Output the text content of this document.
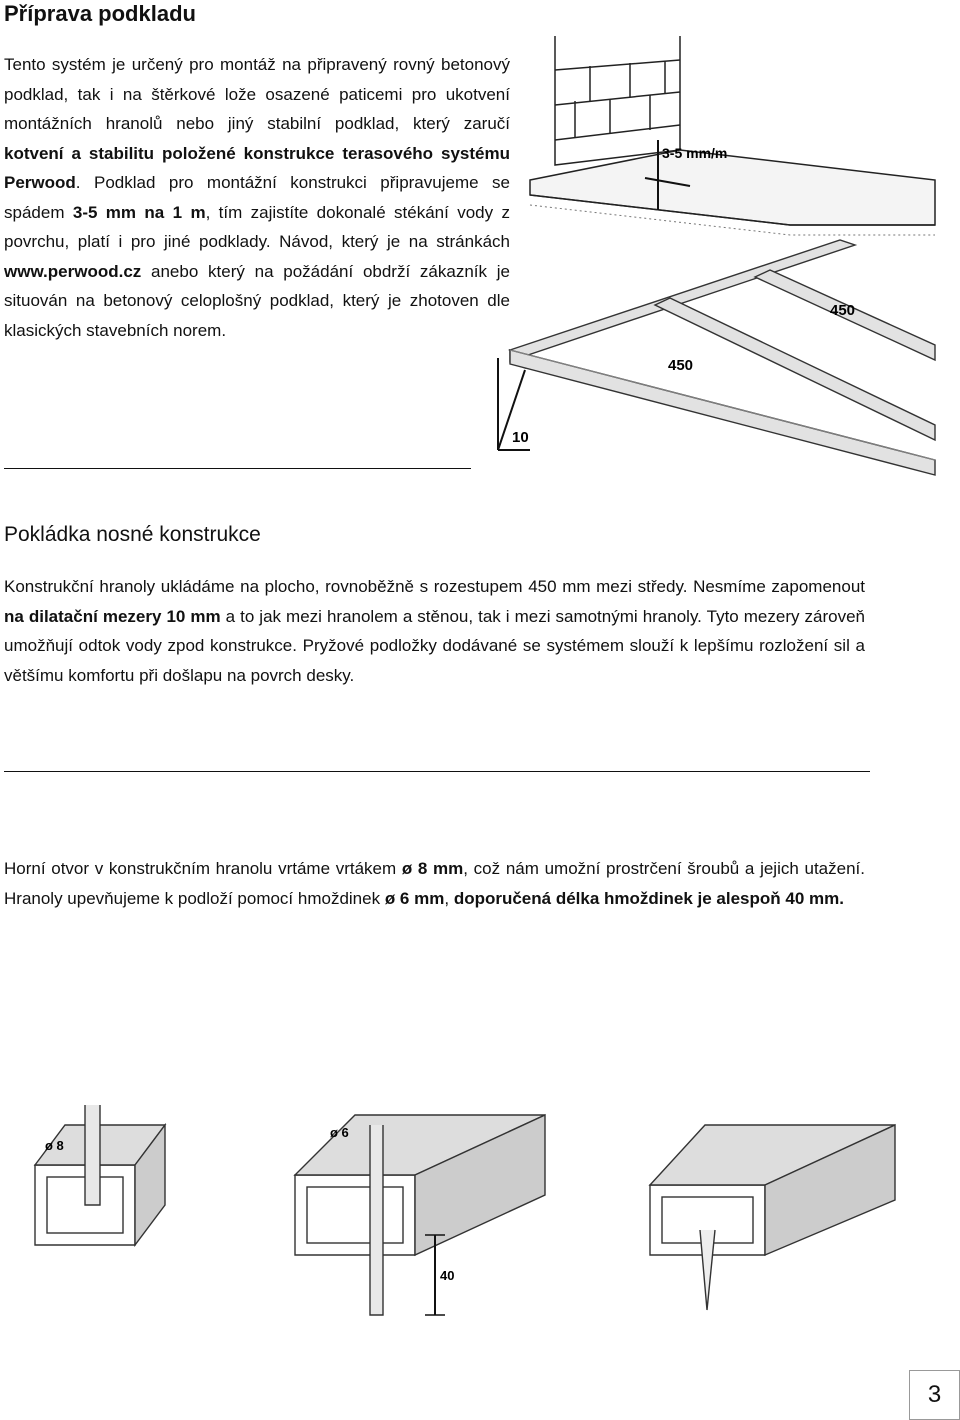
Příprava podkladu

Tento systém je určený pro montáž na připravený rovný betonový podklad, tak i na štěrkové lože osazené paticemi pro ukotvení montážních hranolů nebo jiný stabilní podklad, který zaručí kotvení a stabilitu položené konstrukce terasového systému Perwood. Podklad pro montážní konstrukci připravujeme se spádem 3-5 mm na 1 m, tím zajistíte dokonalé stékání vody z povrchu, platí i pro jiné podklady. Návod, který je na stránkách www.perwood.cz anebo který na požádání obdrží zákazník je situován na betonový celoplošný podklad, který je zhotoven dle klasických stavebních norem.

3-5 mm/m
450
450
10
Pokládka nosné konstrukce

Konstrukční hranoly ukládáme na plocho, rovnoběžně s rozestupem 450 mm mezi středy. Nesmíme zapomenout na dilatační mezery 10 mm a to jak mezi hranolem a stěnou, tak i mezi samotnými hranoly. Tyto mezery zároveň umožňují odtok vody zpod konstrukce. Pryžové podložky dodávané se systémem slouží k lepšímu rozložení sil a většímu komfortu při došlapu na povrch desky.

Horní otvor v konstrukčním hranolu vrtáme vrtákem ø 8 mm, což nám umožní prostrčení šroubů a jejich utažení. Hranoly upevňujeme k podloží pomocí hmoždinek ø 6 mm, doporučená délka hmoždinek je alespoň 40 mm.

ø 8
ø 6
40
3
